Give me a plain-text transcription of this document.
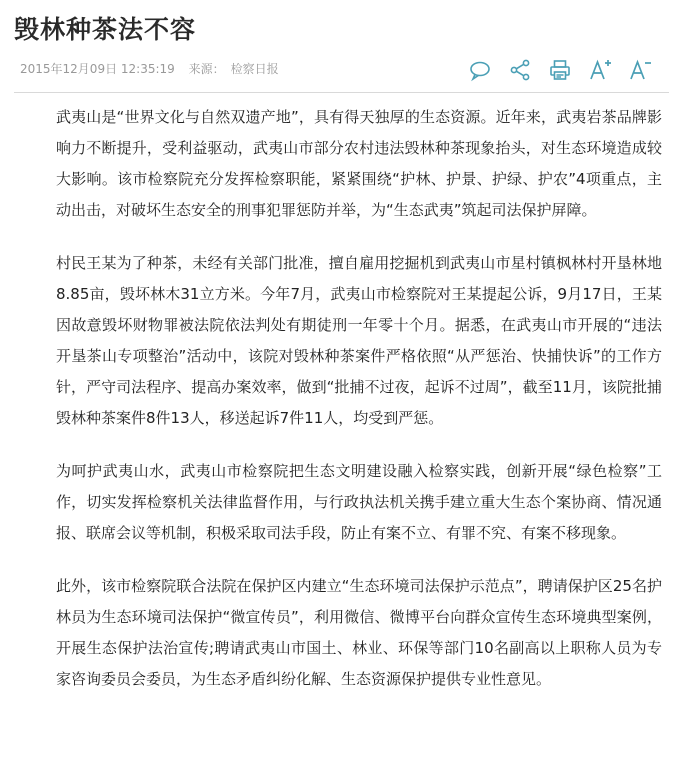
毁林种茶法不容
2015年12月09日 12:35:19 来源： 检察日报

武夷山是“世界文化与自然双遗产地”，具有得天独厚的生态资源。近年来，武夷岩茶品牌影响力不断提升，受利益驱动，武夷山市部分农村违法毁林种茶现象抬头，对生态环境造成较大影响。该市检察院充分发挥检察职能，紧紧围绕“护林、护景、护绿、护农”4项重点，主动出击，对破坏生态安全的刑事犯罪惩防并举，为“生态武夷”筑起司法保护屏障。

村民王某为了种茶，未经有关部门批准，擅自雇用挖掘机到武夷山市星村镇枫林村开垦林地8.85亩，毁坏林木31立方米。今年7月，武夷山市检察院对王某提起公诉，9月17日，王某因故意毁坏财物罪被法院依法判处有期徒刑一年零十个月。据悉，在武夷山市开展的“违法开垦茶山专项整治”活动中，该院对毁林种茶案件严格依照“从严惩治、快捕快诉”的工作方针，严守司法程序、提高办案效率，做到“批捕不过夜，起诉不过周”，截至11月，该院批捕毁林种茶案件8件13人，移送起诉7件11人，均受到严惩。

为呵护武夷山水，武夷山市检察院把生态文明建设融入检察实践，创新开展“绿色检察”工作，切实发挥检察机关法律监督作用，与行政执法机关携手建立重大生态个案协商、情况通报、联席会议等机制，积极采取司法手段，防止有案不立、有罪不究、有案不移现象。

此外，该市检察院联合法院在保护区内建立“生态环境司法保护示范点”，聘请保护区25名护林员为生态环境司法保护“微宣传员”，利用微信、微博平台向群众宣传生态环境典型案例，开展生态保护法治宣传;聘请武夷山市国土、林业、环保等部门10名副高以上职称人员为专家咨询委员会委员，为生态矛盾纠纷化解、生态资源保护提供专业性意见。
